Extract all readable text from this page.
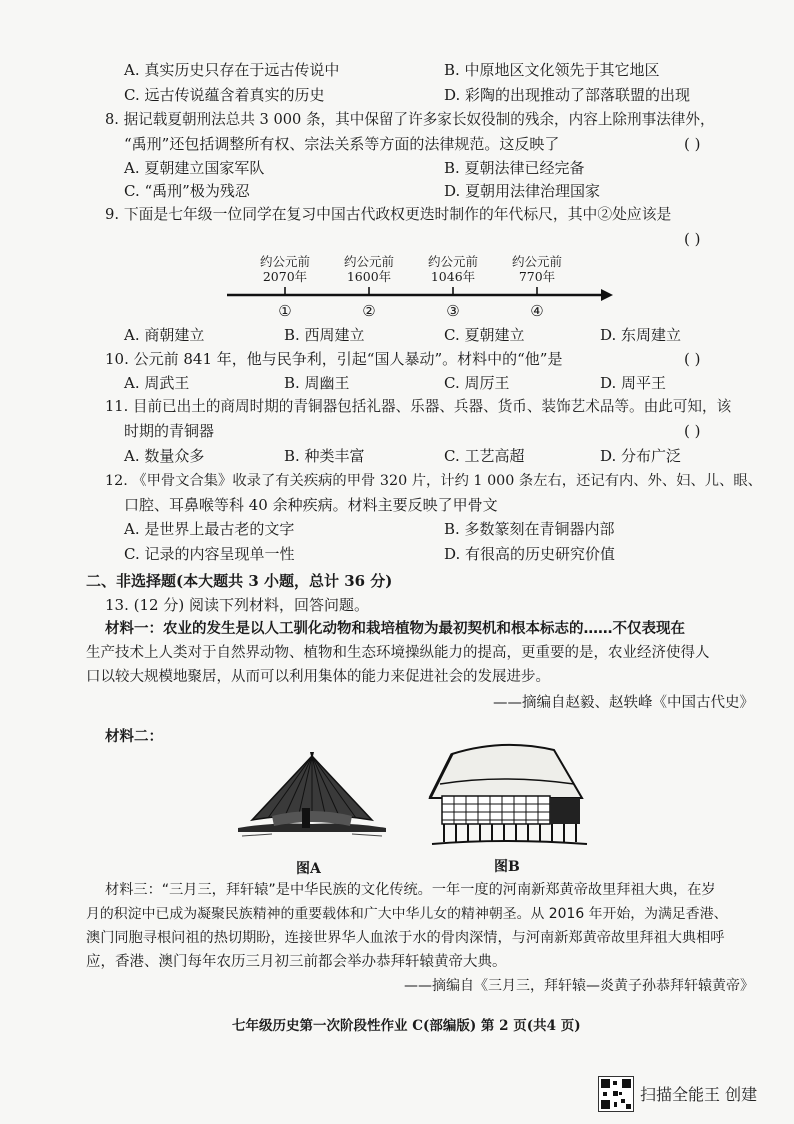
A. 真实历史只存在于远古传说中	B. 中原地区文化领先于其它地区
C. 远古传说蕴含着真实的历史	D. 彩陶的出现推动了部落联盟的出现
8. 据记载夏朝刑法总共 3 000 条，其中保留了许多家长奴役制的残余，内容上除刑事法律外，
“禹刑”还包括调整所有权、宗法关系等方面的法律规范。这反映了	( )
A. 夏朝建立国家军队	B. 夏朝法律已经完备
C. “禹刑”极为残忍	D. 夏朝用法律治理国家
9. 下面是七年级一位同学在复习中国古代政权更迭时制作的年代标尺，其中②处应该是
( )
约公元前
2070年
约公元前
1600年
约公元前
1046年
约公元前
770年
①	②	③	④
A. 商朝建立	B. 西周建立	C. 夏朝建立	D. 东周建立
10. 公元前 841 年，他与民争利，引起“国人暴动”。材料中的“他”是	( )
A. 周武王	B. 周幽王	C. 周厉王	D. 周平王
11. 目前已出土的商周时期的青铜器包括礼器、乐器、兵器、货币、装饰艺术品等。由此可知，该
时期的青铜器	( )
A. 数量众多	B. 种类丰富	C. 工艺高超	D. 分布广泛
12. 《甲骨文合集》收录了有关疾病的甲骨 320 片，计约 1 000 条左右，还记有内、外、妇、儿、眼、
口腔、耳鼻喉等科 40 余种疾病。材料主要反映了甲骨文
A. 是世界上最古老的文字	B. 多数篆刻在青铜器内部
C. 记录的内容呈现单一性	D. 有很高的历史研究价值
二、非选择题(本大题共 3 小题，总计 36 分)
13. (12 分) 阅读下列材料，回答问题。
材料一：农业的发生是以人工驯化动物和栽培植物为最初契机和根本标志的……不仅表现在
生产技术上人类对于自然界动物、植物和生态环境操纵能力的提高，更重要的是，农业经济使得人
口以较大规模地聚居，从而可以利用集体的能力来促进社会的发展进步。
——摘编自赵毅、赵轶峰《中国古代史》
材料二：
图A	图B
材料三：“三月三，拜轩辕”是中华民族的文化传统。一年一度的河南新郑黄帝故里拜祖大典，在岁
月的积淀中已成为凝聚民族精神的重要载体和广大中华儿女的精神朝圣。从 2016 年开始，为满足香港、
澳门同胞寻根问祖的热切期盼，连接世界华人血浓于水的骨肉深情，与河南新郑黄帝故里拜祖大典相呼
应，香港、澳门每年农历三月初三前都会举办恭拜轩辕黄帝大典。
——摘编自《三月三，拜轩辕—炎黄子孙恭拜轩辕黄帝》
七年级历史第一次阶段性作业 C(部编版) 第 2 页(共4 页)
扫描全能王 创建
